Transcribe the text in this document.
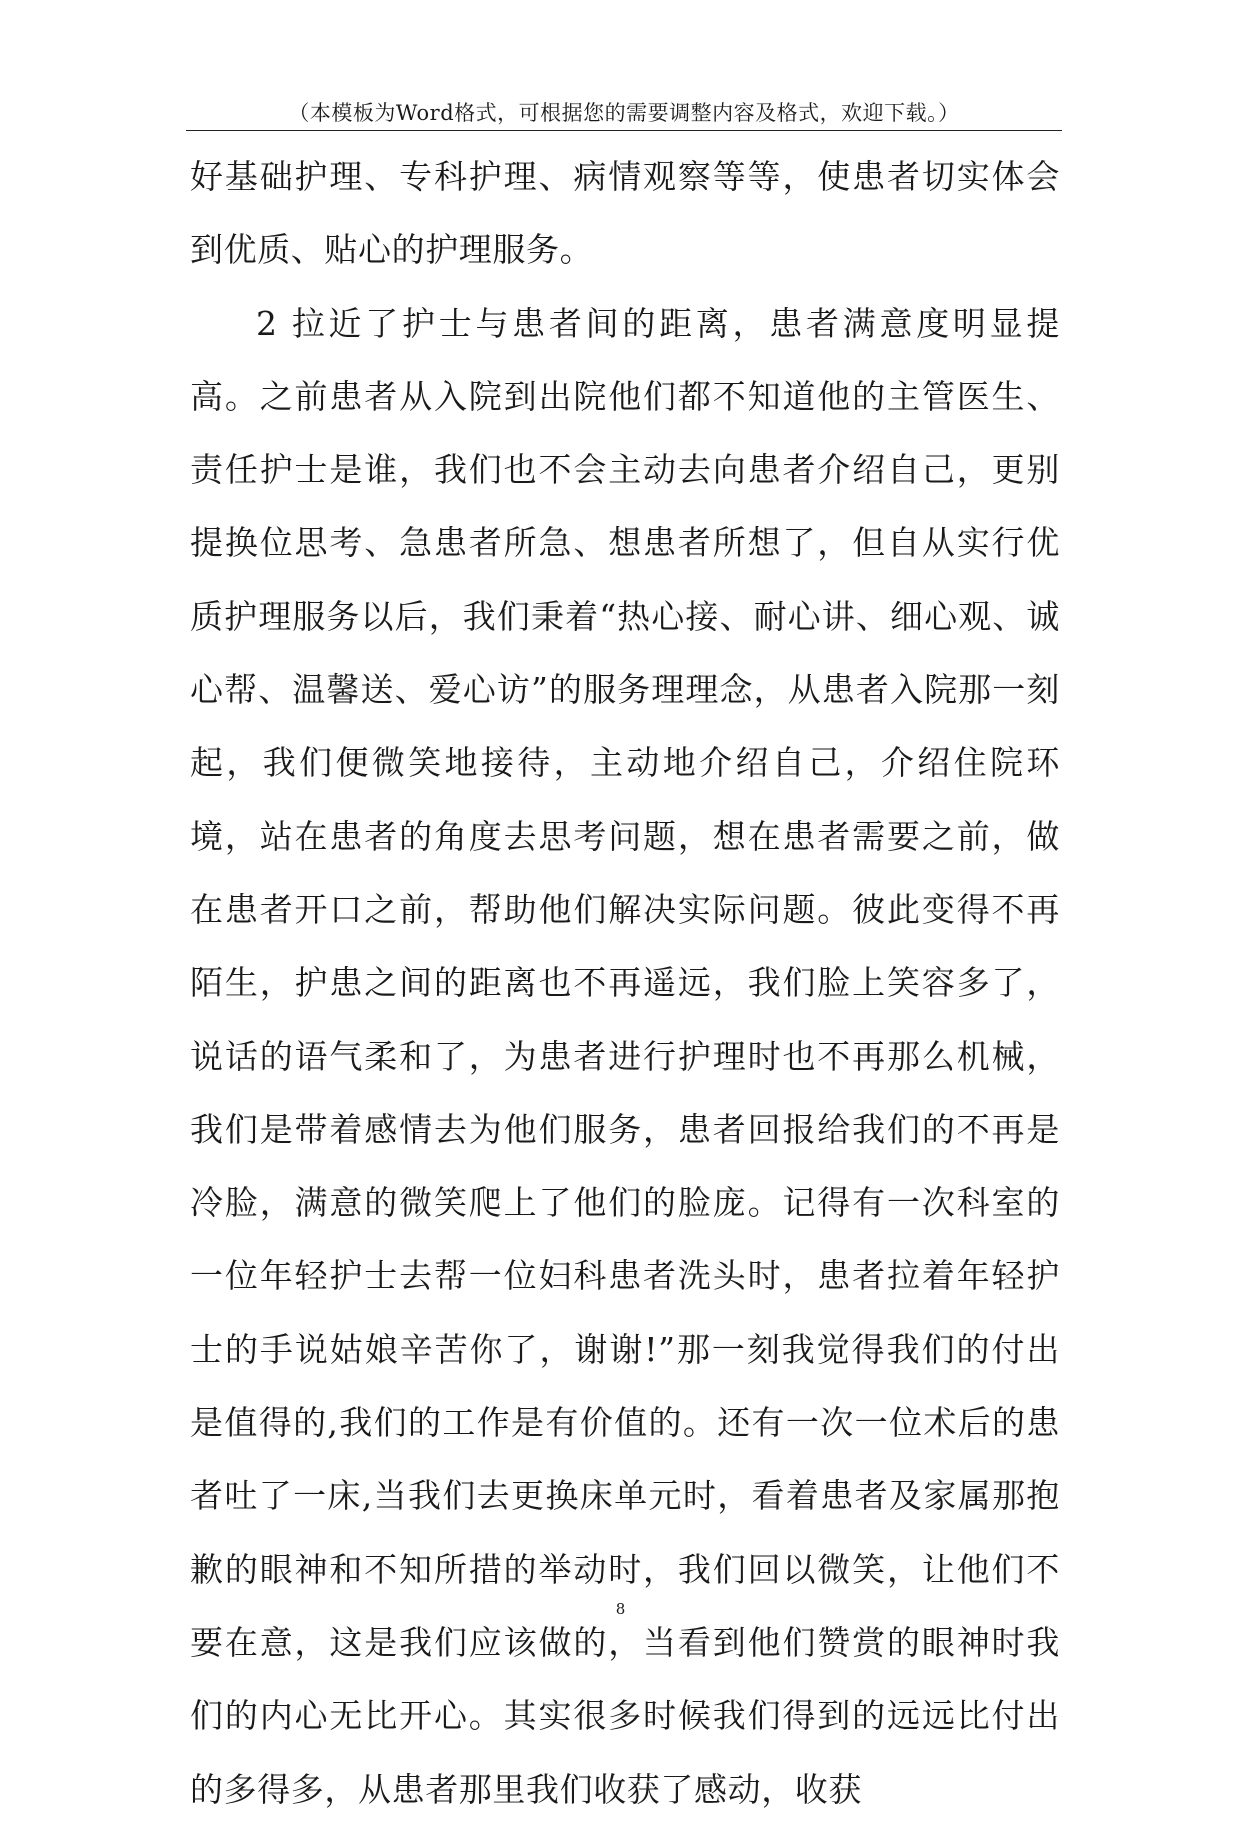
（本模板为Word格式，可根据您的需要调整内容及格式，欢迎下载。）

好基础护理、专科护理、病情观察等等，使患者切实体会到优质、贴心的护理服务。

2 拉近了护士与患者间的距离，患者满意度明显提高。之前患者从入院到出院他们都不知道他的主管医生、责任护士是谁，我们也不会主动去向患者介绍自己，更别提换位思考、急患者所急、想患者所想了，但自从实行优质护理服务以后，我们秉着“热心接、耐心讲、细心观、诚心帮、温馨送、爱心访”的服务理理念，从患者入院那一刻起，我们便微笑地接待，主动地介绍自己，介绍住院环境，站在患者的角度去思考问题，想在患者需要之前，做在患者开口之前，帮助他们解决实际问题。彼此变得不再陌生，护患之间的距离也不再遥远，我们脸上笑容多了，说话的语气柔和了，为患者进行护理时也不再那么机械，我们是带着感情去为他们服务，患者回报给我们的不再是冷脸，满意的微笑爬上了他们的脸庞。记得有一次科室的一位年轻护士去帮一位妇科患者洗头时，患者拉着年轻护士的手说姑娘辛苦你了，谢谢!”那一刻我觉得我们的付出是值得的,我们的工作是有价值的。还有一次一位术后的患者吐了一床,当我们去更换床单元时，看着患者及家属那抱歉的眼神和不知所措的举动时，我们回以微笑，让他们不要在意，这是我们应该做的，当看到他们赞赏的眼神时我们的内心无比开心。其实很多时候我们得到的远远比付出的多得多，从患者那里我们收获了感动，收获

8
